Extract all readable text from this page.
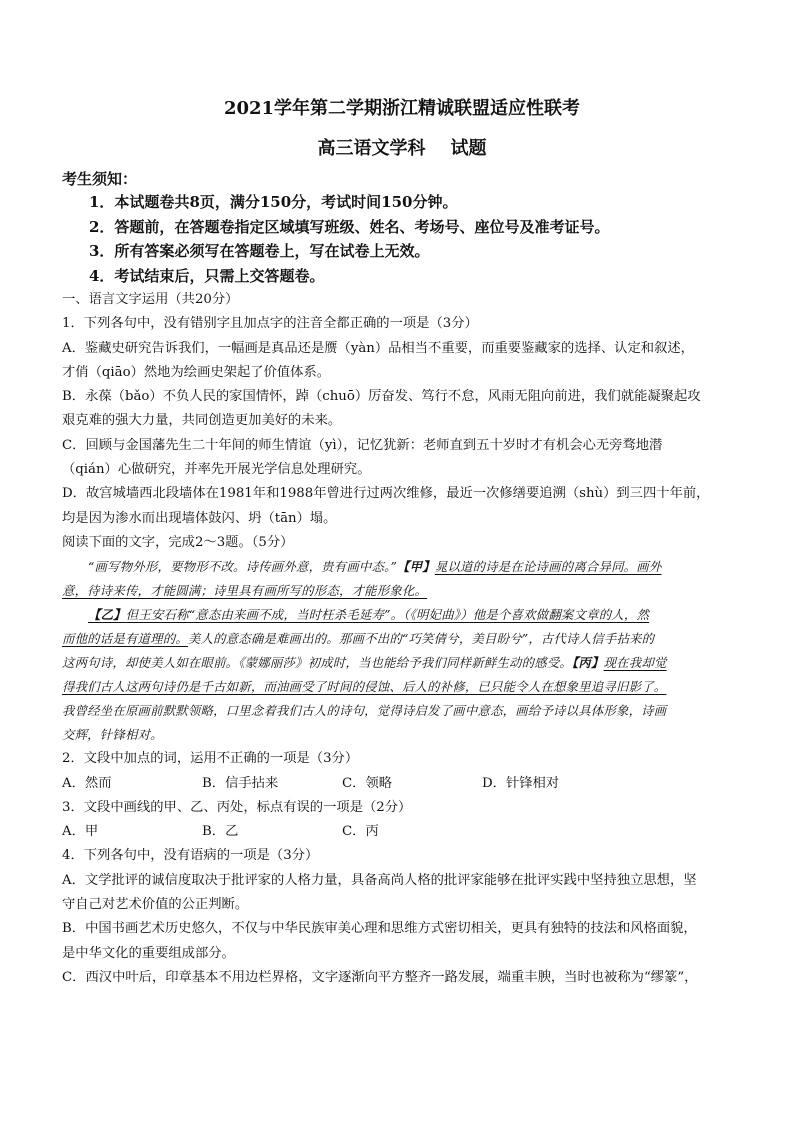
2021学年第二学期浙江精诚联盟适应性联考

高三语文学科    试题

考生须知：
1．本试题卷共8页，满分150分，考试时间150分钟。
2．答题前，在答题卷指定区域填写班级、姓名、考场号、座位号及准考证号。
3．所有答案必须写在答题卷上，写在试卷上无效。
4．考试结束后，只需上交答题卷。

一、语言文字运用（共20分）

1．下列各句中，没有错别字且加点字的注音全都正确的一项是（3分）

A．鉴藏史研究告诉我们，一幅画是真品还是赝（yàn）品相当不重要，而重要鉴藏家的选择、认定和叙述，

才俏（qiāo）然地为绘画史架起了价值体系。

B．永葆（bǎo）不负人民的家国情怀，踔（chuō）厉奋发、笃行不怠，风雨无阻向前进，我们就能凝聚起攻

艰克难的强大力量，共同创造更加美好的未来。

C．回顾与金国藩先生二十年间的师生情谊（yì），记忆犹新：老师直到五十岁时才有机会心无旁骛地潜

（qián）心做研究，并率先开展光学信息处理研究。

D．故宫城墙西北段墙体在1981年和1988年曾进行过两次维修，最近一次修缮要追溯（shù）到三四十年前，

均是因为渗水而出现墙体鼓闪、坍（tān）塌。

阅读下面的文字，完成2～3题。（5分）

“画写物外形，要物形不改。诗传画外意，贵有画中态。”【甲】晁以道的诗是在论诗画的离合异同。画外
意，待诗来传，才能圆满；诗里具有画所写的形态，才能形象化。
【乙】但王安石称“意态由来画不成，当时枉杀毛延寿”。（《明妃曲》）他是个喜欢做翻案文章的人，然
而他的话是有道理的。美人的意态确是难画出的。那画不出的“巧笑倩兮，美目盼兮”，古代诗人信手拈来的
这两句诗，却使美人如在眼前。《蒙娜丽莎》初成时，当也能给予我们同样新鲜生动的感受。【丙】现在我却觉
得我们古人这两句诗仍是千古如新，而油画受了时间的侵蚀、后人的补修，已只能令人在想象里追寻旧影了。
我曾经坐在原画前默默领略，口里念着我们古人的诗句，觉得诗启发了画中意态，画给予诗以具体形象，诗画
交辉，针锋相对。

2．文段中加点的词，运用不正确的一项是（3分）

A．然而	B．信手拈来	C．领略	D．针锋相对

3．文段中画线的甲、乙、丙处，标点有误的一项是（2分）

A．甲	B．乙	C．丙

4．下列各句中，没有语病的一项是（3分）

A．文学批评的诚信度取决于批评家的人格力量，具备高尚人格的批评家能够在批评实践中坚持独立思想，坚

守自己对艺术价值的公正判断。

B．中国书画艺术历史悠久，不仅与中华民族审美心理和思维方式密切相关，更具有独特的技法和风格面貌，

是中华文化的重要组成部分。

C．西汉中叶后，印章基本不用边栏界格，文字逐渐向平方整齐一路发展，端重丰腴，当时也被称为“缪篆”，
